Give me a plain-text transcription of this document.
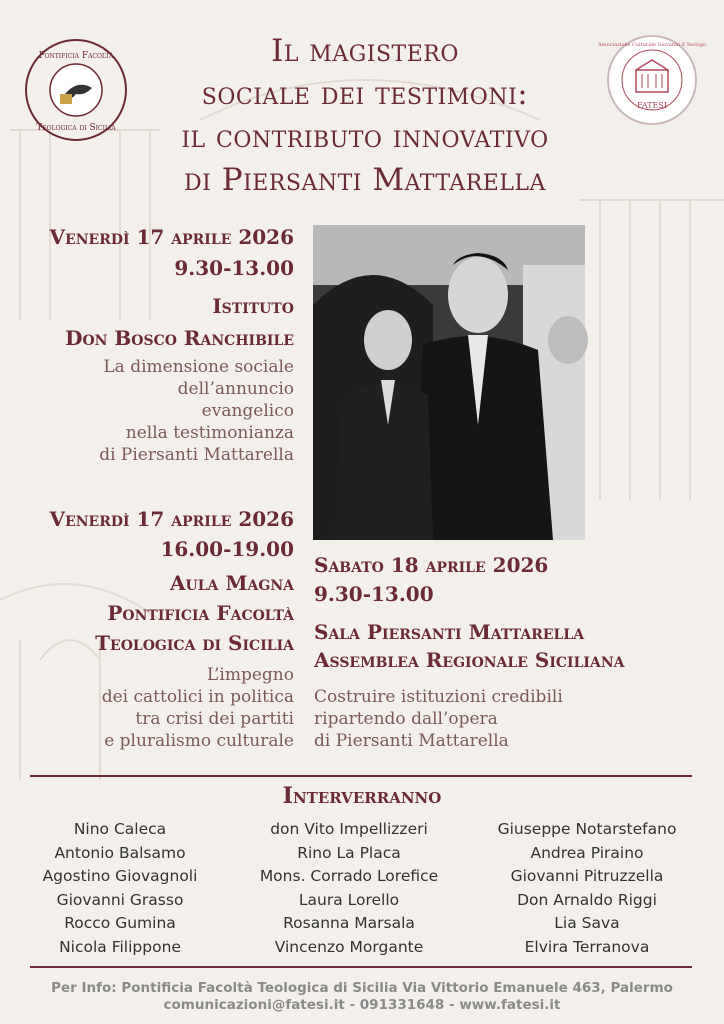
Pontificia Facoltà
Teologica di Sicilia
Associazione Culturale Giovanni il Teologo
FATESI
Il magistero
sociale dei testimoni:
il contributo innovativo
di Piersanti Mattarella
Venerdì 17 aprile 2026
9.30-13.00
Istituto
Don Bosco Ranchibile
La dimensione sociale
dell’annuncio
evangelico
nella testimonianza
di Piersanti Mattarella
Venerdì 17 aprile 2026
16.00-19.00
Aula Magna
Pontificia Facoltà
Teologica di Sicilia
L’impegno
dei cattolici in politica
tra crisi dei partiti
e pluralismo culturale
Sabato 18 aprile 2026
9.30-13.00
Sala Piersanti Mattarella
Assemblea Regionale Siciliana
Costruire istituzioni credibili
ripartendo dall’opera
di Piersanti Mattarella
Interverranno
Nino Caleca
Antonio Balsamo
Agostino Giovagnoli
Giovanni Grasso
Rocco Gumina
Nicola Filippone
don Vito Impellizzeri
Rino La Placa
Mons. Corrado Lorefice
Laura Lorello
Rosanna Marsala
Vincenzo Morgante
Giuseppe Notarstefano
Andrea Piraino
Giovanni Pitruzzella
Don Arnaldo Riggi
Lia Sava
Elvira Terranova
Per Info: Pontificia Facoltà Teologica di Sicilia Via Vittorio Emanuele 463, Palermo
comunicazioni@fatesi.it - 091331648 - www.fatesi.it
